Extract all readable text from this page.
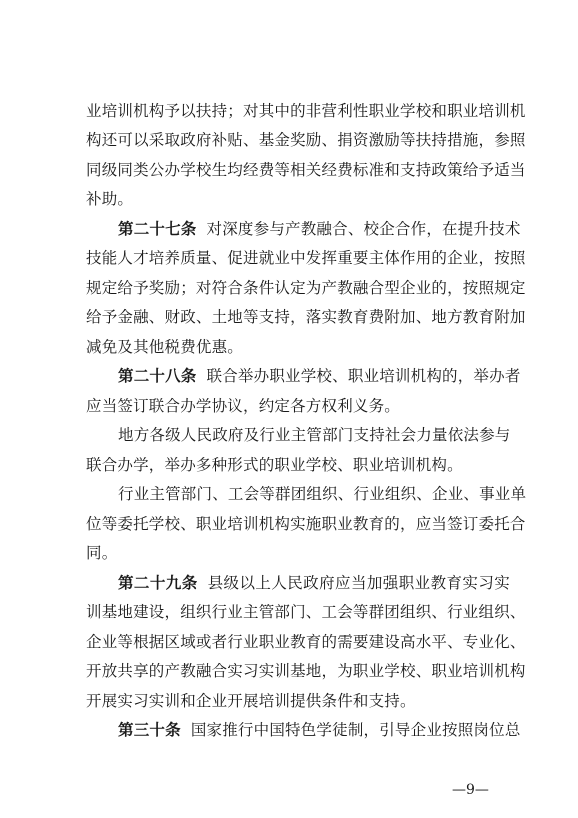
业培训机构予以扶持；对其中的非营利性职业学校和职业培训机
构还可以采取政府补贴、基金奖励、捐资激励等扶持措施，参照
同级同类公办学校生均经费等相关经费标准和支持政策给予适当
补助。
第二十七条 对深度参与产教融合、校企合作，在提升技术
技能人才培养质量、促进就业中发挥重要主体作用的企业，按照
规定给予奖励；对符合条件认定为产教融合型企业的，按照规定
给予金融、财政、土地等支持，落实教育费附加、地方教育附加
减免及其他税费优惠。
第二十八条 联合举办职业学校、职业培训机构的，举办者
应当签订联合办学协议，约定各方权利义务。
地方各级人民政府及行业主管部门支持社会力量依法参与
联合办学，举办多种形式的职业学校、职业培训机构。
行业主管部门、工会等群团组织、行业组织、企业、事业单
位等委托学校、职业培训机构实施职业教育的，应当签订委托合
同。
第二十九条 县级以上人民政府应当加强职业教育实习实
训基地建设，组织行业主管部门、工会等群团组织、行业组织、
企业等根据区域或者行业职业教育的需要建设高水平、专业化、
开放共享的产教融合实习实训基地，为职业学校、职业培训机构
开展实习实训和企业开展培训提供条件和支持。
第三十条 国家推行中国特色学徒制，引导企业按照岗位总
—9—
